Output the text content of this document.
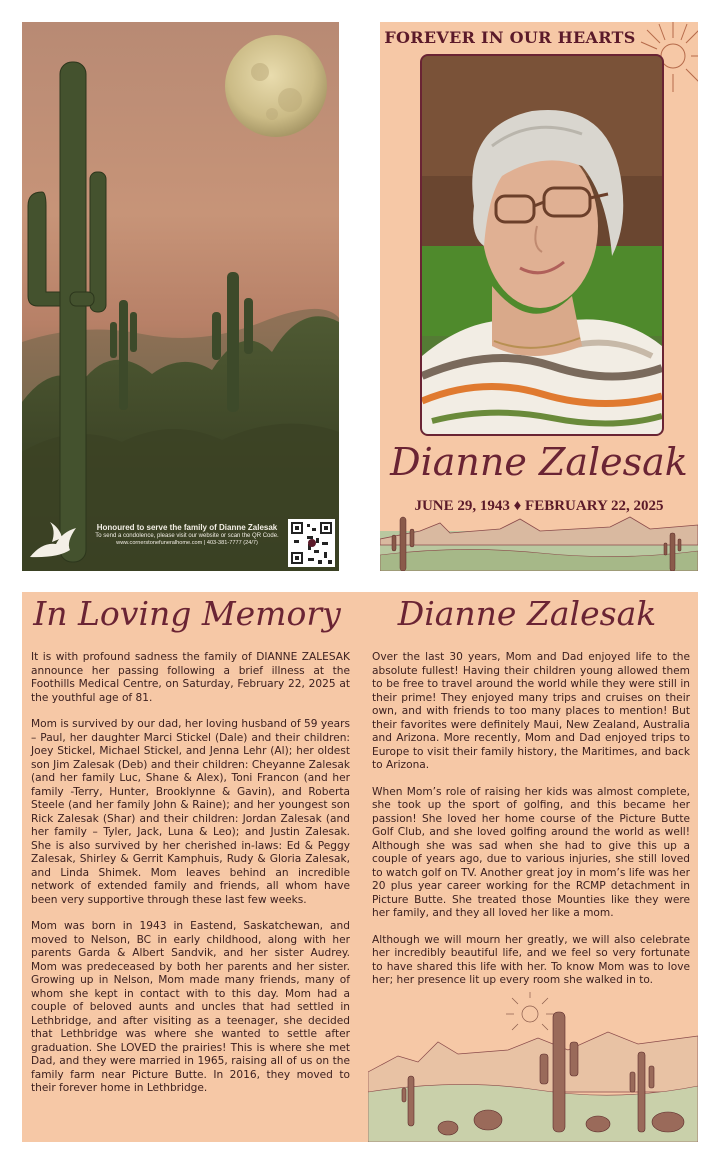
Honoured to serve the family of Dianne Zalesak
To send a condolence, please visit our website or scan the QR Code.
www.cornerstonefuneralhome.com | 403-381-7777 (24/7)
FOREVER IN OUR HEARTS
Dianne Zalesak
JUNE 29, 1943 ♦ FEBRUARY 22, 2025
In Loving Memory	Dianne Zalesak

It is with profound sadness the family of DIANNE ZALESAK announce her passing following a brief illness at the Foothills Medical Centre, on Saturday, February 22, 2025 at the youthful age of 81.

Mom is survived by our dad, her loving husband of 59 years – Paul, her daughter Marci Stickel (Dale) and their children: Joey Stickel, Michael Stickel, and Jenna Lehr (Al); her oldest son Jim Zalesak (Deb) and their children: Cheyanne Zalesak (and her family Luc, Shane & Alex), Toni Francon (and her family -Terry, Hunter, Brooklynne & Gavin), and Roberta Steele (and her family John & Raine); and her youngest son Rick Zalesak (Shar) and their children: Jordan Zalesak (and her family – Tyler, Jack, Luna & Leo); and Justin Zalesak. She is also survived by her cherished in-laws: Ed & Peggy Zalesak, Shirley & Gerrit Kamphuis, Rudy & Gloria Zalesak, and Linda Shimek. Mom leaves behind an incredible network of extended family and friends, all whom have been very supportive through these last few weeks.

Mom was born in 1943 in Eastend, Saskatchewan, and moved to Nelson, BC in early childhood, along with her parents Garda & Albert Sandvik, and her sister Audrey. Mom was predeceased by both her parents and her sister. Growing up in Nelson, Mom made many friends, many of whom she kept in contact with to this day. Mom had a couple of beloved aunts and uncles that had settled in Lethbridge, and after visiting as a teenager, she decided that Lethbridge was where she wanted to settle after graduation. She LOVED the prairies! This is where she met Dad, and they were married in 1965, raising all of us on the family farm near Picture Butte. In 2016, they moved to their forever home in Lethbridge.

Over the last 30 years, Mom and Dad enjoyed life to the absolute fullest! Having their children young allowed them to be free to travel around the world while they were still in their prime! They enjoyed many trips and cruises on their own, and with friends to too many places to mention! But their favorites were definitely Maui, New Zealand, Australia and Arizona. More recently, Mom and Dad enjoyed trips to Europe to visit their family history, the Maritimes, and back to Arizona.

When Mom’s role of raising her kids was almost complete, she took up the sport of golfing, and this became her passion! She loved her home course of the Picture Butte Golf Club, and she loved golfing around the world as well! Although she was sad when she had to give this up a couple of years ago, due to various injuries, she still loved to watch golf on TV. Another great joy in mom’s life was her 20 plus year career working for the RCMP detachment in Picture Butte. She treated those Mounties like they were her family, and they all loved her like a mom.

Although we will mourn her greatly, we will also celebrate her incredibly beautiful life, and we feel so very fortunate to have shared this life with her. To know Mom was to love her; her presence lit up every room she walked in to.
